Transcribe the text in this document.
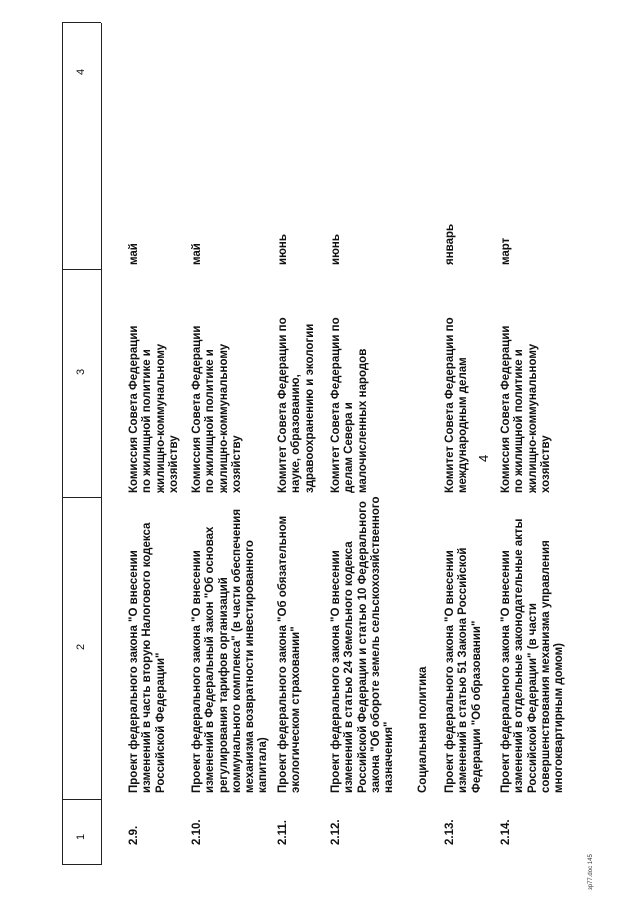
4
1
2
3
4
2.9.
Проект федерального закона "О внесении изменений в часть вторую Налогового кодекса Российской Федерации"
Комиссия Совета Федерации по жилищной политике и жилищно-коммунальному хозяйству
май
2.10.
Проект федерального закона "О внесении изменений в Федеральный закон "Об основах регулирования тарифов организаций коммунального комплекса" (в части обеспечения механизма возвратности инвестированного капитала)
Комиссия Совета Федерации по жилищной политике и жилищно-коммунальному хозяйству
май
2.11.
Проект федерального закона "Об обязательном экологическом страховании"
Комитет Совета Федерации по науке, образованию, здравоохранению и экологии
июнь
2.12.
Проект федерального закона "О внесении изменений в статью 24 Земельного кодекса Российской Федерации и статью 10 Федерального закона "Об обороте земель сельскохозяйственного назначения"
Комитет Совета Федерации по делам Севера и малочисленных народов
июнь
Социальная политика
2.13.
Проект федерального закона "О внесении изменений в статью 51 Закона Российской Федерации "Об образовании"
Комитет Совета Федерации по международным делам
январь
2.14.
Проект федерального закона "О внесении изменений в отдельные законодательные акты Российской Федерации" (в части совершенствования механизма управления многоквартирным домом)
Комиссия Совета Федерации по жилищной политике и жилищно-коммунальному хозяйству
март
зр77.doc 145
